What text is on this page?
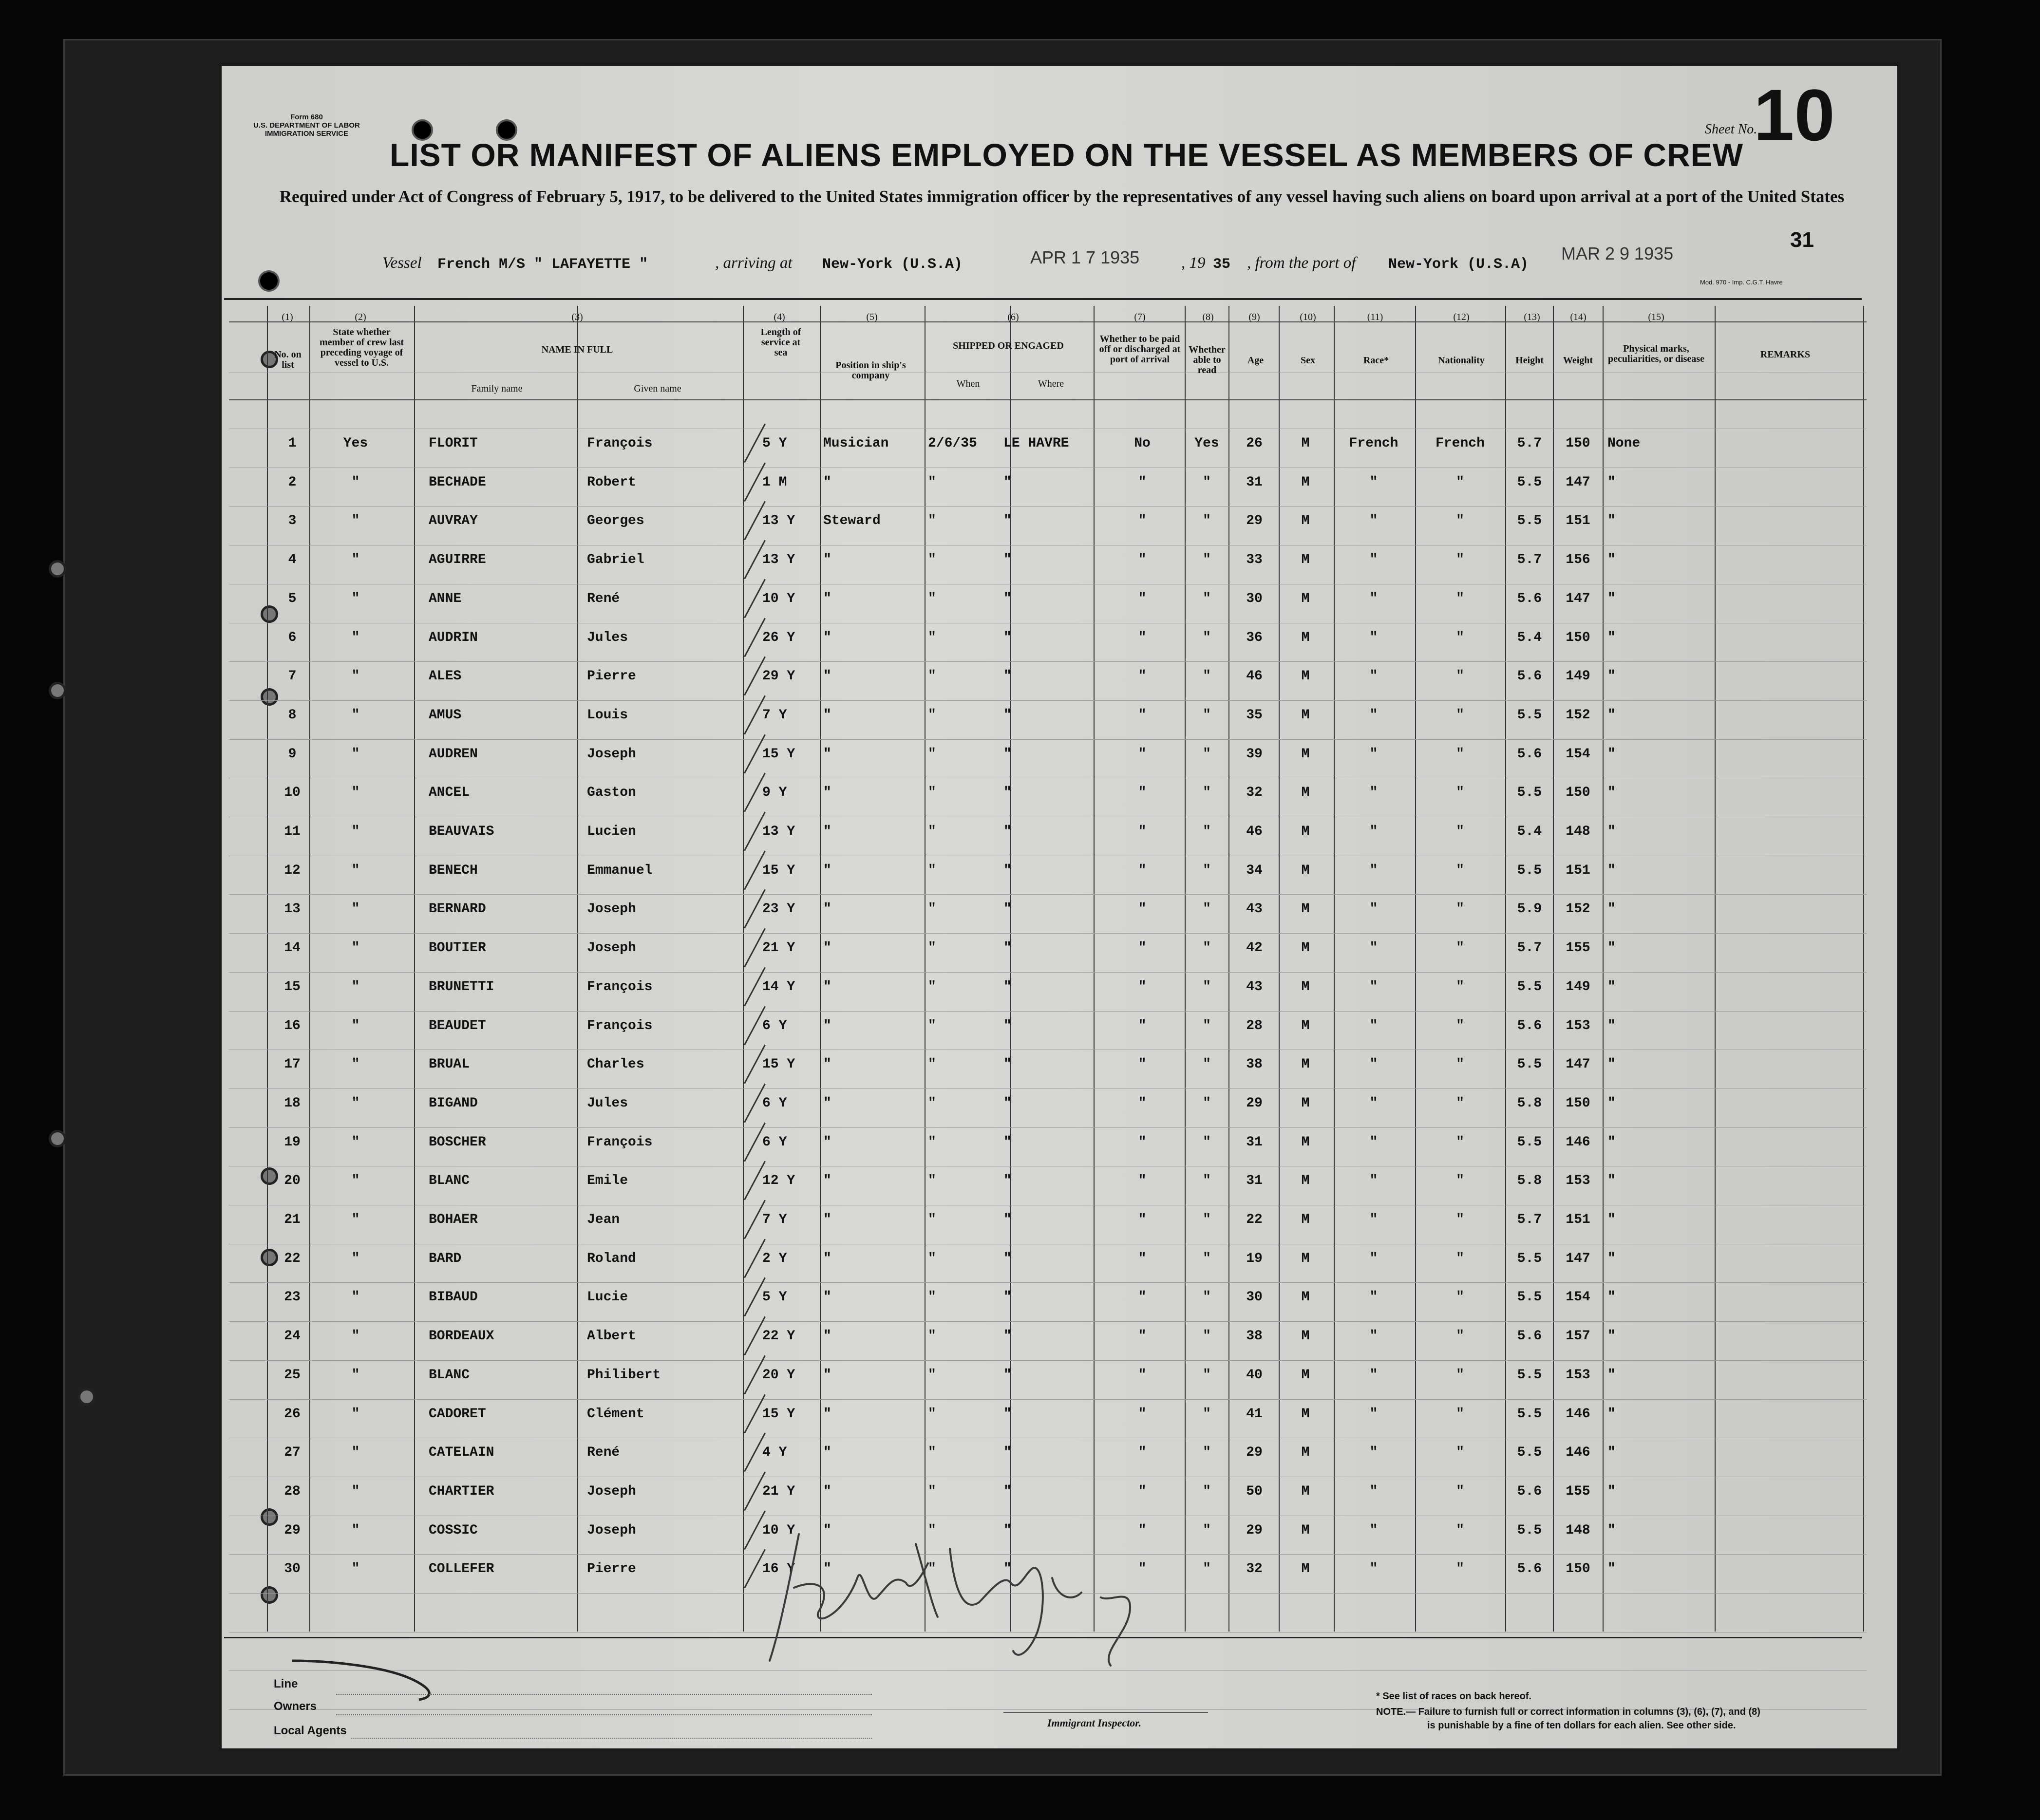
Form 680
U.S. DEPARTMENT OF LABOR
IMMIGRATION SERVICE
LIST OR MANIFEST OF ALIENS EMPLOYED ON THE VESSEL AS MEMBERS OF CREW
Sheet No.
10
Required under Act of Congress of February 5, 1917, to be delivered to the United States immigration officer by the representatives of any vessel having such aliens on board upon arrival at a port of the United States
31
Vessel French M/S " LAFAYETTE "	, arriving at New-York (U.S.A)	APR 1 7 1935	, 19 35 , from the port of New-York (U.S.A)
MAR 2 9 1935
Mod. 970 - Imp. C.G.T. Havre
(1)	(2)	(3)	(4)	(5)	(6)	(7)	(8)	(9)	(10)	(11)	(12)	(13)	(14)	(15)
No. on list
State whether member of crew last preceding voyage of vessel to U.S.
NAME IN FULL
Family name	Given name
Length of service at sea
Position in ship's company
SHIPPED OR ENGAGED
When	Where
Whether to be paid off or discharged at port of arrival
Whether able to read
Age	Sex	Race*	Nationality	Height	Weight
Physical marks, peculiarities, or disease	REMARKS
1	Yes	FLORIT	François	5 Y	Musician	2/6/35	LE HAVRE	No	Yes	26	M	French	French	5.7	150	None
2	"	BECHADE	Robert	1 M	"	"	"	"	"	31	M	"	"	5.5	147	"
3	"	AUVRAY	Georges	13 Y	Steward	"	"	"	"	29	M	"	"	5.5	151	"
4	"	AGUIRRE	Gabriel	13 Y	"	"	"	"	"	33	M	"	"	5.7	156	"
5	"	ANNE	René	10 Y	"	"	"	"	"	30	M	"	"	5.6	147	"
6	"	AUDRIN	Jules	26 Y	"	"	"	"	"	36	M	"	"	5.4	150	"
7	"	ALES	Pierre	29 Y	"	"	"	"	"	46	M	"	"	5.6	149	"
8	"	AMUS	Louis	7 Y	"	"	"	"	"	35	M	"	"	5.5	152	"
9	"	AUDREN	Joseph	15 Y	"	"	"	"	"	39	M	"	"	5.6	154	"
10	"	ANCEL	Gaston	9 Y	"	"	"	"	"	32	M	"	"	5.5	150	"
11	"	BEAUVAIS	Lucien	13 Y	"	"	"	"	"	46	M	"	"	5.4	148	"
12	"	BENECH	Emmanuel	15 Y	"	"	"	"	"	34	M	"	"	5.5	151	"
13	"	BERNARD	Joseph	23 Y	"	"	"	"	"	43	M	"	"	5.9	152	"
14	"	BOUTIER	Joseph	21 Y	"	"	"	"	"	42	M	"	"	5.7	155	"
15	"	BRUNETTI	François	14 Y	"	"	"	"	"	43	M	"	"	5.5	149	"
16	"	BEAUDET	François	6 Y	"	"	"	"	"	28	M	"	"	5.6	153	"
17	"	BRUAL	Charles	15 Y	"	"	"	"	"	38	M	"	"	5.5	147	"
18	"	BIGAND	Jules	6 Y	"	"	"	"	"	29	M	"	"	5.8	150	"
19	"	BOSCHER	François	6 Y	"	"	"	"	"	31	M	"	"	5.5	146	"
20	"	BLANC	Emile	12 Y	"	"	"	"	"	31	M	"	"	5.8	153	"
21	"	BOHAER	Jean	7 Y	"	"	"	"	"	22	M	"	"	5.7	151	"
22	"	BARD	Roland	2 Y	"	"	"	"	"	19	M	"	"	5.5	147	"
23	"	BIBAUD	Lucie	5 Y	"	"	"	"	"	30	M	"	"	5.5	154	"
24	"	BORDEAUX	Albert	22 Y	"	"	"	"	"	38	M	"	"	5.6	157	"
25	"	BLANC	Philibert	20 Y	"	"	"	"	"	40	M	"	"	5.5	153	"
26	"	CADORET	Clément	15 Y	"	"	"	"	"	41	M	"	"	5.5	146	"
27	"	CATELAIN	René	4 Y	"	"	"	"	"	29	M	"	"	5.5	146	"
28	"	CHARTIER	Joseph	21 Y	"	"	"	"	"	50	M	"	"	5.6	155	"
29	"	COSSIC	Joseph	10 Y	"	"	"	"	"	29	M	"	"	5.5	148	"
30	"	COLLEFER	Pierre	16 Y	"	"	"	"	"	32	M	"	"	5.6	150	"
Line
Owners
Local Agents
Immigrant Inspector.
* See list of races on back hereof.
NOTE.— Failure to furnish full or correct information in columns (3), (6), (7), and (8)
is punishable by a fine of ten dollars for each alien. See other side.
